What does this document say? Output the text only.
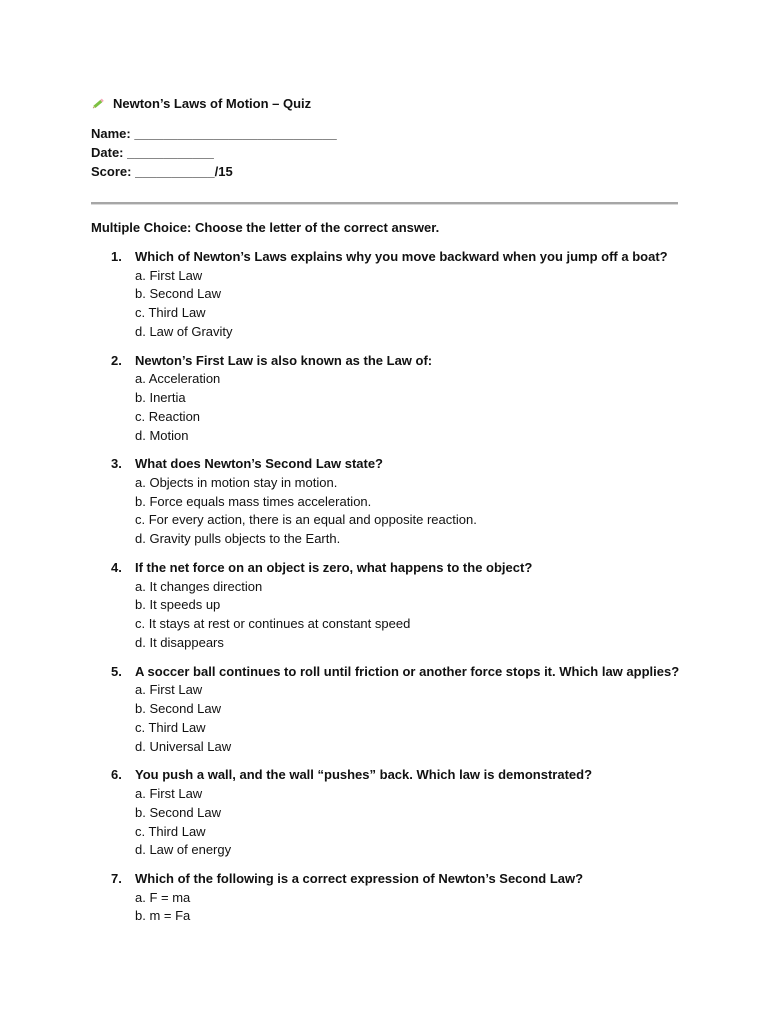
Newton’s Laws of Motion – Quiz
Name: ____________________________
Date: ____________
Score: ___________/15
Multiple Choice: Choose the letter of the correct answer.
1.	Which of Newton’s Laws explains why you move backward when you jump off a boat?
a. First Law
b. Second Law
c. Third Law
d. Law of Gravity
2.	Newton’s First Law is also known as the Law of:
a. Acceleration
b. Inertia
c. Reaction
d. Motion
3.	What does Newton’s Second Law state?
a. Objects in motion stay in motion.
b. Force equals mass times acceleration.
c. For every action, there is an equal and opposite reaction.
d. Gravity pulls objects to the Earth.
4.	If the net force on an object is zero, what happens to the object?
a. It changes direction
b. It speeds up
c. It stays at rest or continues at constant speed
d. It disappears
5.	A soccer ball continues to roll until friction or another force stops it. Which law applies?
a. First Law
b. Second Law
c. Third Law
d. Universal Law
6.	You push a wall, and the wall “pushes” back. Which law is demonstrated?
a. First Law
b. Second Law
c. Third Law
d. Law of energy
7.	Which of the following is a correct expression of Newton’s Second Law?
a. F = ma
b. m = Fa
